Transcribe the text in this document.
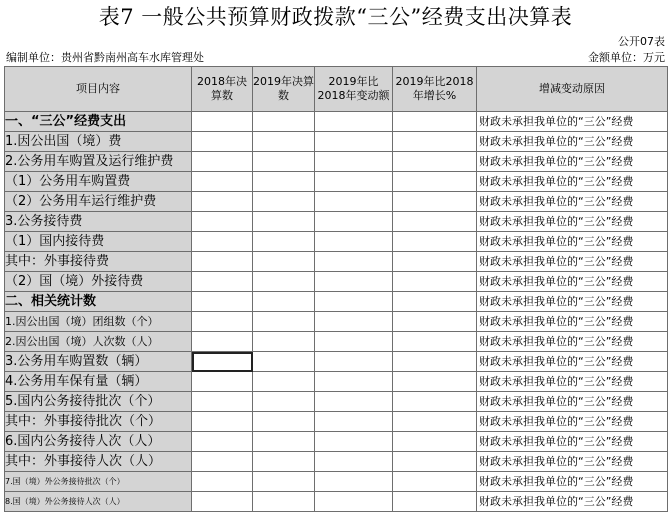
表7 一般公共预算财政拨款“三公”经费支出决算表
公开07表
编制单位：贵州省黔南州高车水库管理处	金额单位：万元
项目内容	2018年决算数	2019年决算数	2019年比2018年变动额	2019年比2018年增长%	增减变动原因
一、“三公”经费支出					财政未承担我单位的“三公”经费
1.因公出国（境）费					财政未承担我单位的“三公”经费
2.公务用车购置及运行维护费					财政未承担我单位的“三公”经费
（1）公务用车购置费					财政未承担我单位的“三公”经费
（2）公务用车运行维护费					财政未承担我单位的“三公”经费
3.公务接待费					财政未承担我单位的“三公”经费
（1）国内接待费					财政未承担我单位的“三公”经费
其中：外事接待费					财政未承担我单位的“三公”经费
（2）国（境）外接待费					财政未承担我单位的“三公”经费
二、相关统计数					财政未承担我单位的“三公”经费
1.因公出国（境）团组数（个）					财政未承担我单位的“三公”经费
2.因公出国（境）人次数（人）					财政未承担我单位的“三公”经费
3.公务用车购置数（辆）					财政未承担我单位的“三公”经费
4.公务用车保有量（辆）					财政未承担我单位的“三公”经费
5.国内公务接待批次（个）					财政未承担我单位的“三公”经费
其中：外事接待批次（个）					财政未承担我单位的“三公”经费
6.国内公务接待人次（人）					财政未承担我单位的“三公”经费
其中：外事接待人次（人）					财政未承担我单位的“三公”经费
7.国（境）外公务接待批次（个）					财政未承担我单位的“三公”经费
8.国（境）外公务接待人次（人）					财政未承担我单位的“三公”经费
